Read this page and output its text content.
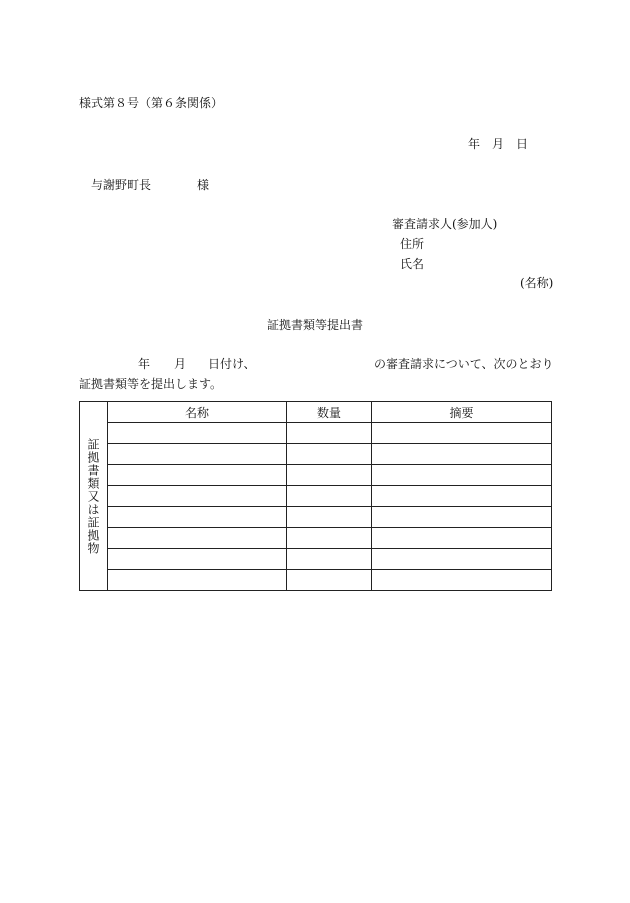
様式第８号（第６条関係）
年　月　日
与謝野町長	様
審査請求人(参加人)
住所
氏名
(名称)
証拠書類等提出書
年 月 日付け、	の審査請求について、次のとおり
証拠書類等を提出します。
証拠書類又は証拠物	名称	数量	摘要
